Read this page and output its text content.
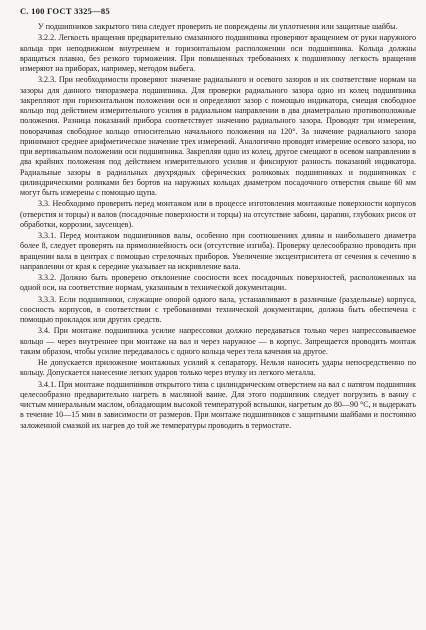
С. 100 ГОСТ 3325—85

У подшипников закрытого типа следует проверить не повреждены ли уплотнения или защитные шайбы.

3.2.2. Легкость вращения предварительно смазанного подшипника проверяют вращением от руки наружного кольца при неподвижном внутреннем и горизонтальном расположении оси подшипника. Кольца должны вращаться плавно, без резкого торможения. При повышенных требованиях к подшипнику легкость вращения измеряют на приборах, например, методом выбега.

3.2.3. При необходимости проверяют значение радиального и осевого зазоров и их соответствие нормам на зазоры для данного типоразмера подшипника. Для проверки радиального зазора одно из колец подшипника закрепляют при горизонтальном положении оси и определяют зазор с помощью индикатора, смещая свободное кольцо под действием измерительного усилия в радиальном направлении в два диаметрально противоположные положения. Разница показаний прибора соответствует значению радиального зазора. Проводят три измерения, поворачивая свободное кольцо относительно начального положения на 120°. За значение радиального зазора принимают среднее арифметическое значение трех измерений. Аналогично проводят измерение осевого зазора, но при вертикальном положении оси подшипника. Закрепляя одно из колец, другое смещают в осевом направлении в два крайних положения под действием измерительного усилия и фиксируют разность показаний индикатора. Радиальные зазоры в радиальных двухрядных сферических роликовых подшипниках и подшипниках с цилиндрическими роликами без бортов на наружных кольцах диаметром посадочного отверстия свыше 60 мм могут быть измерены с помощью щупа.

3.3. Необходимо проверить перед монтажом или в процессе изготовления монтажные поверхности корпусов (отверстия и торцы) и валов (посадочные поверхности и торцы) на отсутствие забоин, царапин, глубоких рисок от обработки, коррозии, заусенцев).

3.3.1. Перед монтажом подшипников валы, особенно при соотношениях длины и наибольшего диаметра более 8, следует проверять на прямолинейность оси (отсутствие изгиба). Проверку целесообразно проводить при вращении вала в центрах с помощью стрелочных приборов. Увеличение эксцентриситета от сечения к сечению в направлении от края к середине указывает на искривление вала.

3.3.2. Должно быть проверено отклонение соосности всех посадочных поверхностей, расположенных на одной оси, на соответствие нормам, указанным в технической документации.

3.3.3. Если подшипники, служащие опорой одного вала, устанавливают в различные (раздельные) корпуса, соосность корпусов, в соответствии с требованиями технической документации, должна быть обеспечена с помощью прокладок или других средств.

3.4. При монтаже подшипника усилие напрессовки должно передаваться только через напрессовываемое кольцо — через внутреннее при монтаже на вал и через наружное — в корпус. Запрещается проводить монтаж таким образом, чтобы усилие передавалось с одного кольца через тела качения на другое.

Не допускается приложение монтажных усилий к сепаратору. Нельзя наносить удары непосредственно по кольцу. Допускается нанесение легких ударов только через втулку из легкого металла.

3.4.1. При монтаже подшипников открытого типа с цилиндрическим отверстием на вал с натягом подшипник целесообразно предварительно нагреть в масляной ванне. Для этого подшипник следует погрузить в ванну с чистым минеральным маслом, обладающим высокой температурой вспышки, нагретым до 80—90 °С, и выдержать в течение 10—15 мин в зависимости от размеров. При монтаже подшипников с защитными шайбами и постоянно заложенной смазкой их нагрев до той же температуры проводить в термостате.
